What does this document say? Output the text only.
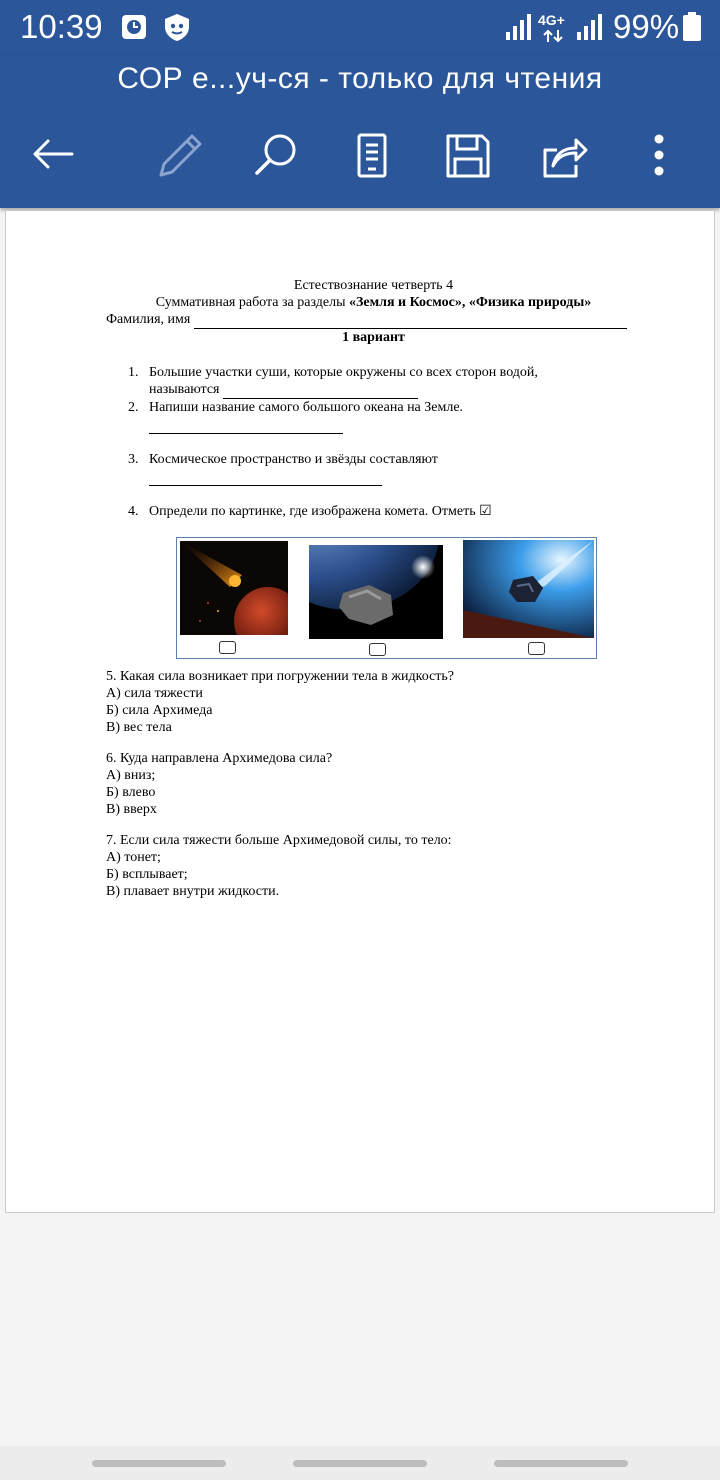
10:39	4G+ 99%
СОР е...уч-ся - только для чтения
Естествознание четверть 4
Суммативная работа за разделы «Земля и Космос», «Физика природы»
Фамилия, имя
1 вариант
1. Большие участки суши, которые окружены со всех сторон водой,
называются
2. Напиши название самого большого океана на Земле.

3. Космическое пространство и звёзды составляют

4. Определи по картинке, где изображена комета. Отметь ☑
5. Какая сила возникает при погружении тела в жидкость?
А) сила тяжести
Б) сила Архимеда
В) вес тела
6. Куда направлена Архимедова сила?
А) вниз;
Б) влево
В) вверх
7. Если сила тяжести больше Архимедовой силы, то тело:
А) тонет;
Б) всплывает;
В) плавает внутри жидкости.
